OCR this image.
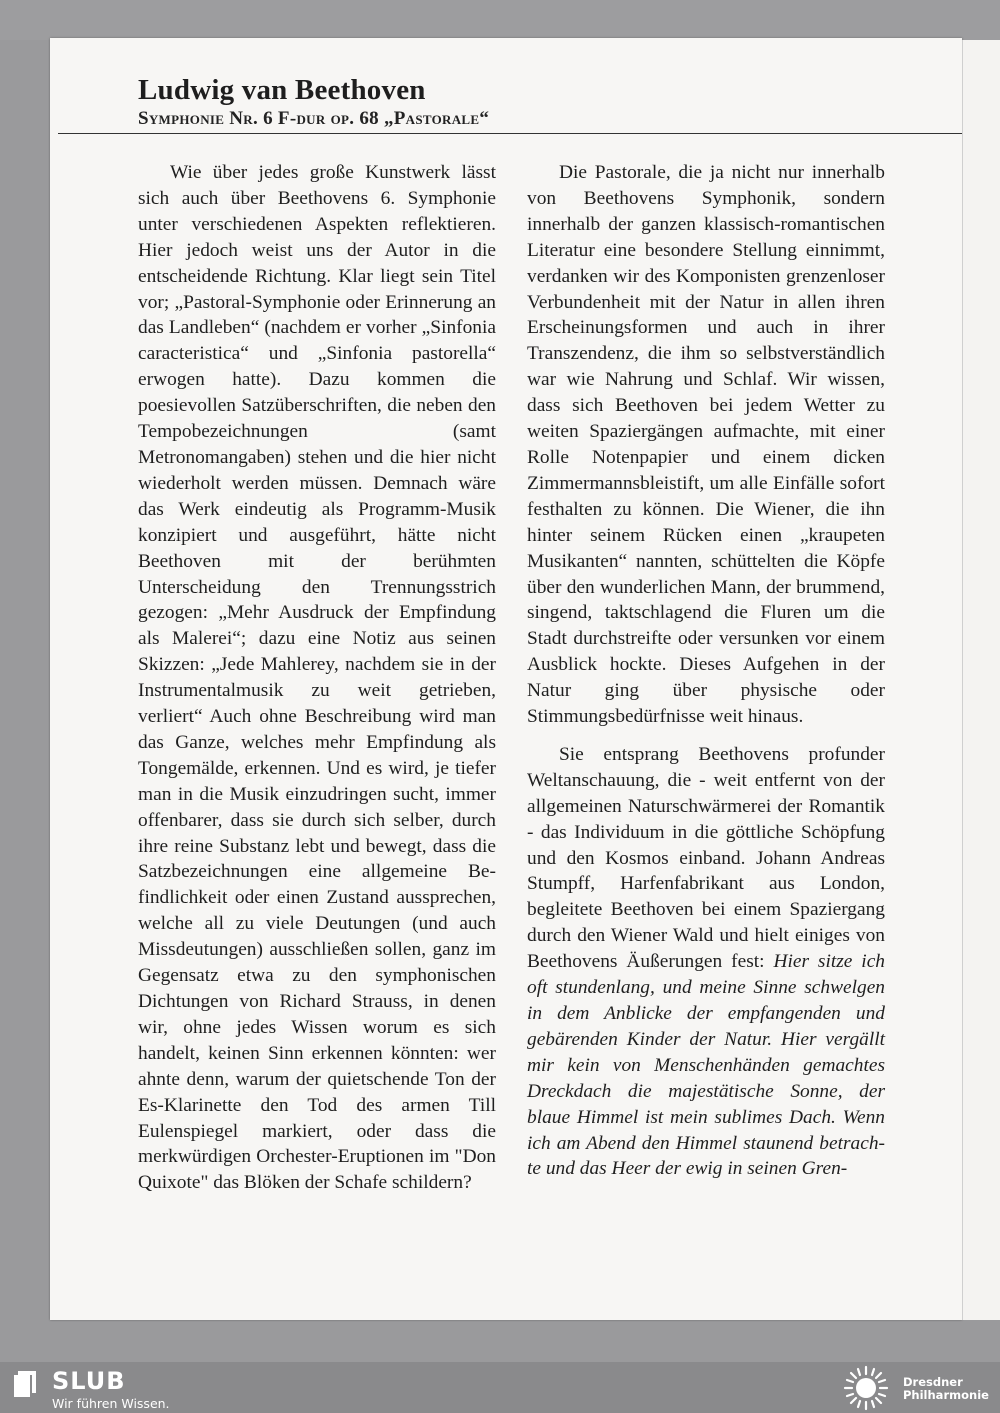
Ludwig van Beethoven
Symphonie Nr. 6 F-dur op. 68 „Pastorale“

Wie über jedes große Kunstwerk lässt sich auch über Beethovens 6. Symphonie unter verschiedenen Aspekten reflektieren. Hier jedoch weist uns der Autor in die entscheidende Richtung. Klar liegt sein Titel vor; „Pastoral-Symphonie oder Erinnerung an das Landleben“ (nachdem er vorher „Sinfonia caracteristica“ und „Sinfonia pastorella“ erwogen hatte). Dazu kommen die poesievollen Satzüberschriften, die neben den Tempobezeichnungen (samt Metronomangaben) stehen und die hier nicht wiederholt werden müssen. Demnach wäre das Werk eindeutig als Programm-Musik konzipiert und ausgeführt, hätte nicht Beethoven mit der berühmten Unterscheidung den Trennungsstrich gezogen: „Mehr Ausdruck der Empfindung als Malerei“; dazu eine Notiz aus seinen Skizzen: „Jede Mahlerey, nachdem sie in der Instrumentalmusik zu weit getrieben, verliert“ Auch ohne Beschreibung wird man das Ganze, welches mehr Empfindung als Tongemälde, erkennen. Und es wird, je tiefer man in die Musik einzudringen sucht, immer offenbarer, dass sie durch sich selber, durch ihre reine Substanz lebt und bewegt, dass die Satzbezeichnungen eine allgemeine Befindlichkeit oder einen Zustand aussprechen, welche all zu viele Deutungen (und auch Missdeutungen) ausschließen sollen, ganz im Gegensatz etwa zu den symphonischen Dichtungen von Richard Strauss, in denen wir, ohne jedes Wissen worum es sich handelt, keinen Sinn erkennen könnten: wer ahnte denn, warum der quietschende Ton der Es-Klarinette den Tod des armen Till Eulenspiegel markiert, oder dass die merkwürdigen Orchester-Eruptionen im "Don Quixote" das Blöken der Schafe schildern?

Die Pastorale, die ja nicht nur innerhalb von Beethovens Symphonik, sondern innerhalb der ganzen klassisch-romantischen Literatur eine besondere Stellung einnimmt, verdanken wir des Komponisten grenzenloser Verbundenheit mit der Natur in allen ihren Erscheinungsformen und auch in ihrer Transzendenz, die ihm so selbstverständlich war wie Nahrung und Schlaf. Wir wissen, dass sich Beethoven bei jedem Wetter zu weiten Spaziergängen aufmachte, mit einer Rolle Notenpapier und einem dicken Zimmermannsbleistift, um alle Einfälle sofort festhalten zu können. Die Wiener, die ihn hinter seinem Rücken einen „kraupeten Musikanten“ nannten, schüttelten die Köpfe über den wunderlichen Mann, der brummend, singend, taktschlagend die Fluren um die Stadt durchstreifte oder versunken vor einem Ausblick hockte. Dieses Aufgehen in der Natur ging über physische oder Stimmungsbedürfnisse weit hinaus.

Sie entsprang Beethovens profunder Weltanschauung, die - weit entfernt von der allgemeinen Naturschwärmerei der Romantik - das Individuum in die göttliche Schöpfung und den Kosmos einband. Johann Andreas Stumpff, Harfenfabrikant aus London, begleitete Beethoven bei einem Spaziergang durch den Wiener Wald und hielt einiges von Beethovens Äußerungen fest: Hier sitze ich oft stundenlang, und meine Sinne schwelgen in dem Anblicke der empfangenden und gebärenden Kinder der Natur. Hier vergällt mir kein von Menschenhänden gemachtes Dreckdach die majestätische Sonne, der blaue Himmel ist mein sublimes Dach. Wenn ich am Abend den Himmel staunend betrachte und das Heer der ewig in seinen Gren-

SLUB

Wir führen Wissen.

Dresdner
Philharmonie
